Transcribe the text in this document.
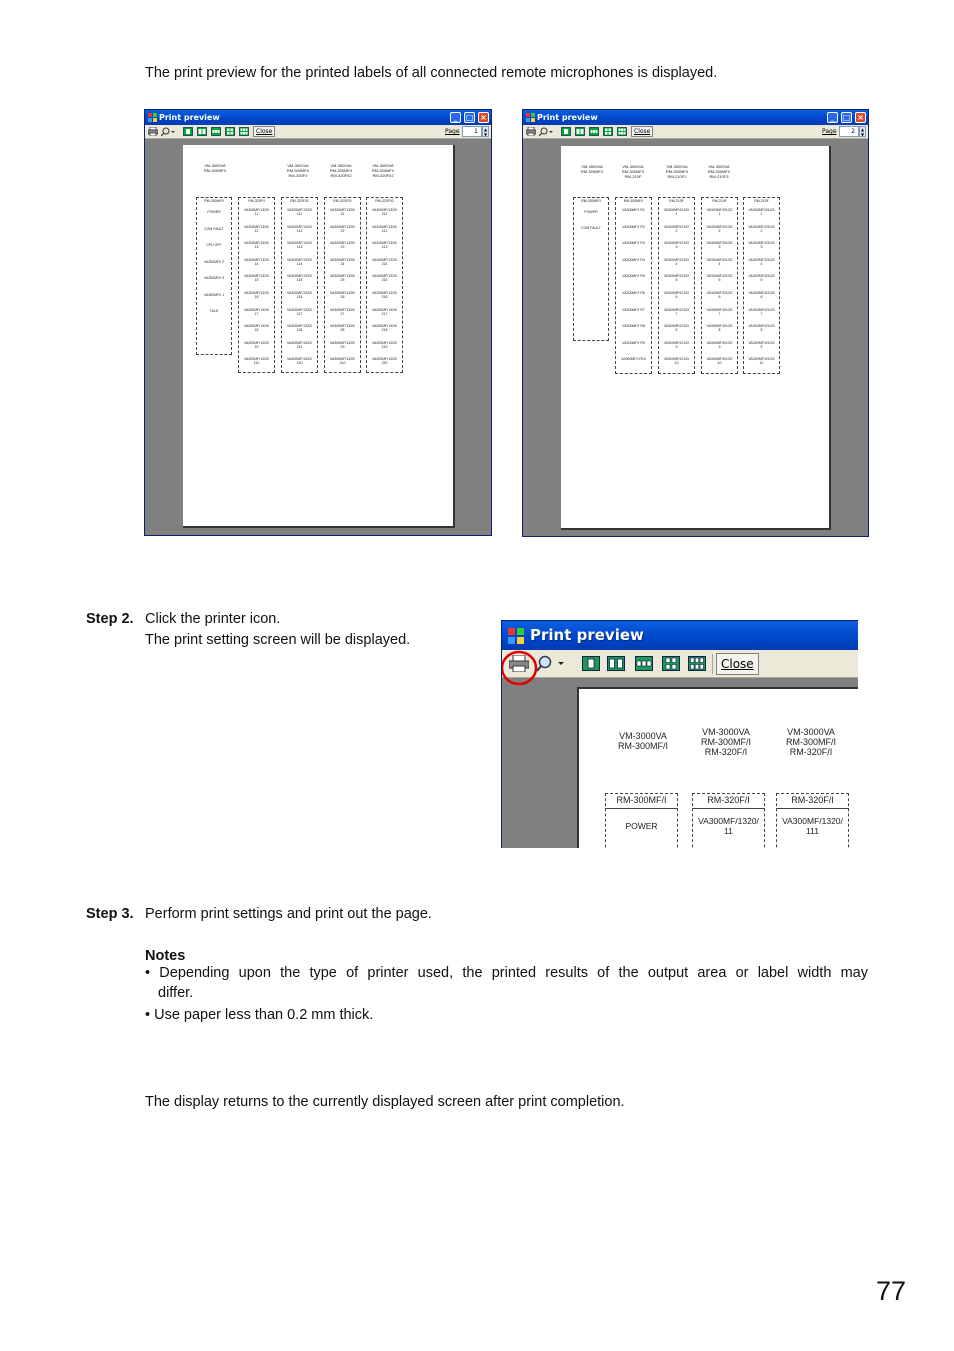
The print preview for the printed labels of all connected remote microphones is displayed.
Print preview	_	□ ×
Close	Page	1	▲
▼
VM-3000VA
RM-300MF/I
VM-3000VA
RM-300MF/I
RM-320F/I
VM-3000VA
RM-300MF/I
RM-320F/I2
VM-3000VA
RM-300MF/I
RM-320F/I2
RM-300MF/I
POWER
COM FAULT
CPU OFF
VA300MF/I 2
VA300MF/I 3
VA300MF/I 1
TALK
RM-320F/I
VA300MF/1320/
11
VA300MF/1320/
12
VA300MF/1320/
13
VA300MF/1320/
14
VA300MF/1320/
15
VA300MF/1320/
16
VA300MF/1320/
17
VA300MF/1320/
18
VA300MF/1320/
19
VA300MF/1320/
110
RM-320F/I2
VA300MF/1320/
111
VA300MF/1320/
112
VA300MF/1320/
113
VA300MF/1320/
114
VA300MF/1320/
115
VA300MF/1320/
116
VA300MF/1320/
117
VA300MF/1320/
118
VA300MF/1320/
119
VA300MF/1320/
120
RM-320F/I2
VA300MF/1320/
21
VA300MF/1320/
22
VA300MF/1320/
23
VA300MF/1320/
24
VA300MF/1320/
25
VA300MF/1320/
26
VA300MF/1320/
27
VA300MF/1320/
28
VA300MF/1320/
29
VA300MF/1320/
210
RM-320F/I2
VA300MF/1320/
211
VA300MF/1320/
212
VA300MF/1320/
213
VA300MF/1320/
214
VA300MF/1320/
215
VA300MF/1320/
216
VA300MF/1320/
217
VA300MF/1320/
218
VA300MF/1320/
219
VA300MF/1320/
220
Print preview	_	□ ×
Close	Page	2	▲
▼
VM-3000VA
RM-300MF/I
VM-3000VA
RM-300MF/I
RM-210F
VM-3000VA
RM-300MF/I
RM-210F2
VM-3000VA
RM-300MF/I
RM-210F3
RM-300MF/I
POWER
COM FAULT
RM-300MF/I
VA300MF/I R1
VA300MF/I R2
VA300MF/I R3
VA300MF/I R4
VA300MF/I R5
VA300MF/I R6
VA300MF/I R7
VA300MF/I R8
VA300MF/I R9
VA300MF/I R10
RM-210F
VA300MF/I210/I
1
VA300MF/I210/I
2
VA300MF/I210/I
3
VA300MF/I210/I
4
VA300MF/I210/I
5
VA300MF/I210/I
6
VA300MF/I210/I
7
VA300MF/I210/I
8
VA300MF/I210/I
9
VA300MF/I210/I
10
RM-210F
VA300MF/I210/2
1
VA300MF/I210/2
2
VA300MF/I210/2
3
VA300MF/I210/2
4
VA300MF/I210/2
5
VA300MF/I210/2
6
VA300MF/I210/2
7
VA300MF/I210/2
8
VA300MF/I210/2
9
VA300MF/I210/2
10
RM-210F
VA300MF/I210/3
1
VA300MF/I210/3
2
VA300MF/I210/3
3
VA300MF/I210/3
4
VA300MF/I210/3
5
VA300MF/I210/3
6
VA300MF/I210/3
7
VA300MF/I210/3
8
VA300MF/I210/3
9
VA300MF/I210/3
10
Step 2. Click the printer icon.
The print setting screen will be displayed.	Print preview
Close
VM-3000VA
RM-300MF/I
VM-3000VA
RM-300MF/I
RM-320F/I
VM-3000VA
RM-300MF/I
RM-320F/I
RM-300MF/I
POWER
RM-320F/I
VA300MF/1320/
11
RM-320F/I
VA300MF/1320/
111
Step 3. Perform print settings and print out the page.
Notes
• Depending upon the type of printer used, the printed results of the output area or label width may
differ.
• Use paper less than 0.2 mm thick.
The display returns to the currently displayed screen after print completion.
77
